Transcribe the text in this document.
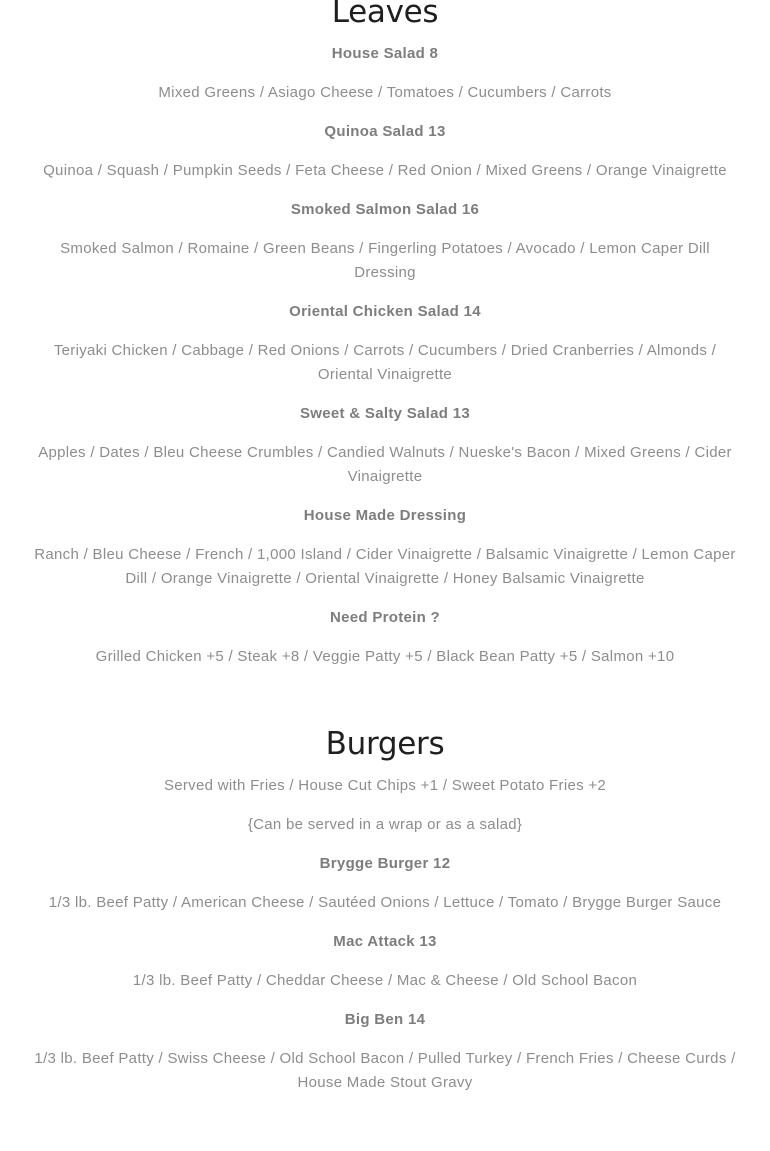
Leaves

House Salad 8

Mixed Greens / Asiago Cheese / Tomatoes / Cucumbers / Carrots

Quinoa Salad 13

Quinoa / Squash / Pumpkin Seeds / Feta Cheese / Red Onion / Mixed Greens / Orange Vinaigrette

Smoked Salmon Salad 16

Smoked Salmon / Romaine / Green Beans / Fingerling Potatoes / Avocado / Lemon Caper Dill Dressing

Oriental Chicken Salad 14

Teriyaki Chicken / Cabbage / Red Onions / Carrots / Cucumbers / Dried Cranberries / Almonds / Oriental Vinaigrette

Sweet & Salty Salad 13

Apples / Dates / Bleu Cheese Crumbles / Candied Walnuts / Nueske's Bacon / Mixed Greens / Cider Vinaigrette

House Made Dressing

Ranch / Bleu Cheese / French / 1,000 Island / Cider Vinaigrette / Balsamic Vinaigrette / Lemon Caper Dill / Orange Vinaigrette / Oriental Vinaigrette / Honey Balsamic Vinaigrette

Need Protein ?

Grilled Chicken +5 / Steak +8 / Veggie Patty +5 / Black Bean Patty +5 / Salmon +10

Burgers

Served with Fries / House Cut Chips +1 / Sweet Potato Fries +2

{Can be served in a wrap or as a salad}

Brygge Burger 12

1/3 lb. Beef Patty / American Cheese / Sautéed Onions / Lettuce / Tomato / Brygge Burger Sauce

Mac Attack 13

1/3 lb. Beef Patty / Cheddar Cheese / Mac & Cheese / Old School Bacon

Big Ben 14

1/3 lb. Beef Patty / Swiss Cheese / Old School Bacon / Pulled Turkey / French Fries / Cheese Curds / House Made Stout Gravy
